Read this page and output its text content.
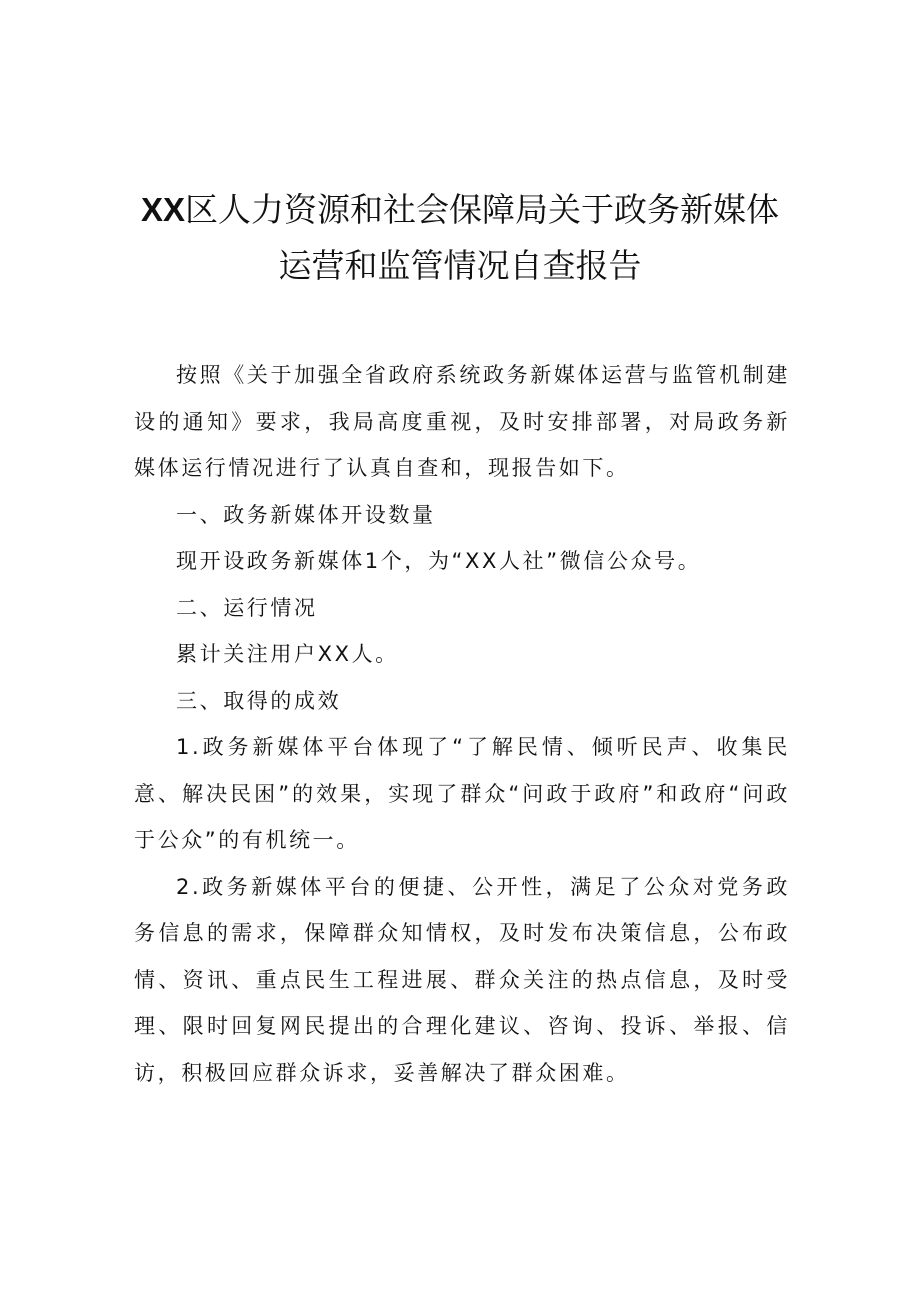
XX区人力资源和社会保障局关于政务新媒体
运营和监管情况自查报告

按照《关于加强全省政府系统政务新媒体运营与监管机制建设的通知》要求，我局高度重视，及时安排部署，对局政务新媒体运行情况进行了认真自查和，现报告如下。

一、政务新媒体开设数量

现开设政务新媒体1个，为“XX人社”微信公众号。

二、运行情况

累计关注用户XX人。

三、取得的成效

1.政务新媒体平台体现了“了解民情、倾听民声、收集民意、解决民困”的效果，实现了群众“问政于政府”和政府“问政于公众”的有机统一。

2.政务新媒体平台的便捷、公开性，满足了公众对党务政务信息的需求，保障群众知情权，及时发布决策信息，公布政情、资讯、重点民生工程进展、群众关注的热点信息，及时受理、限时回复网民提出的合理化建议、咨询、投诉、举报、信访，积极回应群众诉求，妥善解决了群众困难。
